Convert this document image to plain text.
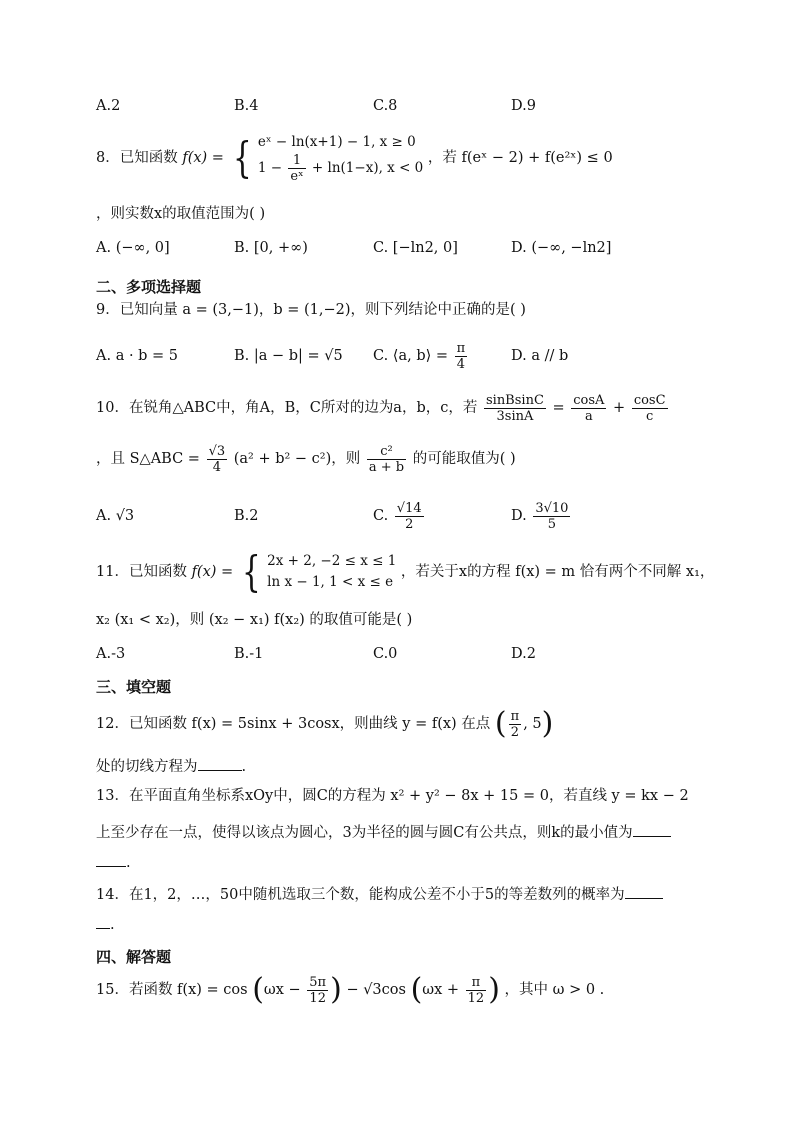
A.2	B.4	C.8	D.9
8．已知函数 f(x) = { eˣ − ln(x+1) − 1, x ≥ 0
$1 - \frac{1}{\text{eˣ}} + \ln(1-x)$, x < 0
，若 f(eˣ − 2) + f(e²ˣ) ≤ 0
，则实数x的取值范围为( )
A. (−∞, 0]	B. [0, +∞)	C. [−ln2, 0]	D. (−∞, −ln2]
二、多项选择题
9．已知向量 a = (3,−1)，b = (1,−2)，则下列结论中正确的是( )
A. a · b = 5	B. |a − b| = √5 C. ⟨a, b⟩ = $\frac{\pi}{4}$	D. a // b
10．在锐角△ABC中，角A，B，C所对的边为a，b，c，若 $\frac{\text{sinBsinC}}{3\sin A} = \frac{\cos A}{a} + \frac{\cos C}{c}$
，且 S△ABC = $\frac{√3}{4} (a^2 + b^2 - c^2)$，则 $\frac{\text{c²}}{a + b}$ 的可能取值为( )
A. √3	B.2	C. $\frac{√14}{2}$	D. $\frac{3√10}{5}$
11．已知函数 f(x) = { 2x + 2, −2 ≤ x ≤ 1
ln x − 1, 1 < x ≤ e
，若关于x的方程 f(x) = m 恰有两个不同解 x₁，
x₂ (x₁ < x₂)，则 (x₂ − x₁) f(x₂) 的取值可能是( )
A.-3	B.-1	C.0	D.2
三、填空题
12．已知函数 f(x) = 5sinx + 3cosx，则曲线 y = f(x) 在点 ( $\frac{\pi}{2}$ , 5)
处的切线方程为	.
13．在平面直角坐标系xOy中，圆C的方程为 x² + y² − 8x + 15 = 0，若直线 y = kx − 2
上至少存在一点，使得以该点为圆心，3为半径的圆与圆C有公共点，则k的最小值为
.
14．在1，2，…，50中随机选取三个数，能构成公差不小于5的等差数列的概率为
.
四、解答题
15．若函数 $f(x) = \cos (\omega x - \frac{5\pi}{12}$ ) − √3cos ($\omega x + \frac{\pi}{12}$ ) ，其中 ω > 0 .
